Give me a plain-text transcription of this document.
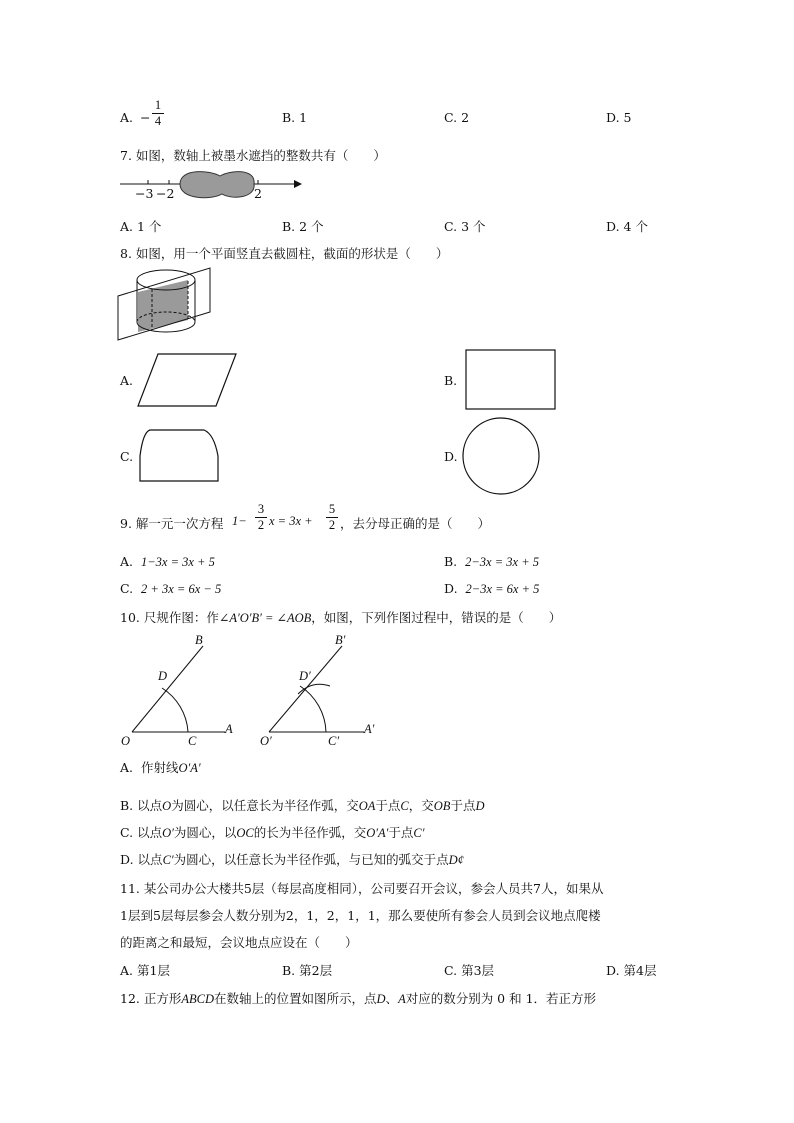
A. − $\frac{1}{4}$	B. 1	C. 2	D. 5
7. 如图，数轴上被墨水遮挡的整数共有（　　）
−3 −2	2
A. 1 个	B. 2 个	C. 3 个	D. 4 个
8. 如图，用一个平面竖直去截圆柱，截面的形状是（　　）
A.	B.
C.	D.
9. 解一元一次方程 $1- \frac{3}{2}$ $x = 3x + \frac{5}{2}$ ，去分母正确的是（　　）
A. 1−3x = 3x + 5	B. 2−3x = 3x + 5
C. 2 + 3x = 6x − 5	D. 2−3x = 6x + 5
10. 尺规作图：作∠A′O′B′ = ∠AOB，如图，下列作图过程中，错误的是（　　）
B
D
O	C
A
B′
D′
O′	C′
A′
A. 作射线O′A′
B. 以点O为圆心，以任意长为半径作弧，交OA于点C，交OB于点D
C. 以点O′为圆心，以OC的长为半径作弧，交O′A′于点C′
D. 以点C′为圆心，以任意长为半径作弧，与已知的弧交于点D¢
11. 某公司办公大楼共5层（每层高度相同），公司要召开会议，参会人员共7人，如果从
1层到5层每层参会人数分别为2，1，2，1，1，那么要使所有参会人员到会议地点爬楼
的距离之和最短，会议地点应设在（　　）
A. 第1层	B. 第2层	C. 第3层	D. 第4层
12. 正方形ABCD在数轴上的位置如图所示，点D、A对应的数分别为 0 和 1．若正方形
